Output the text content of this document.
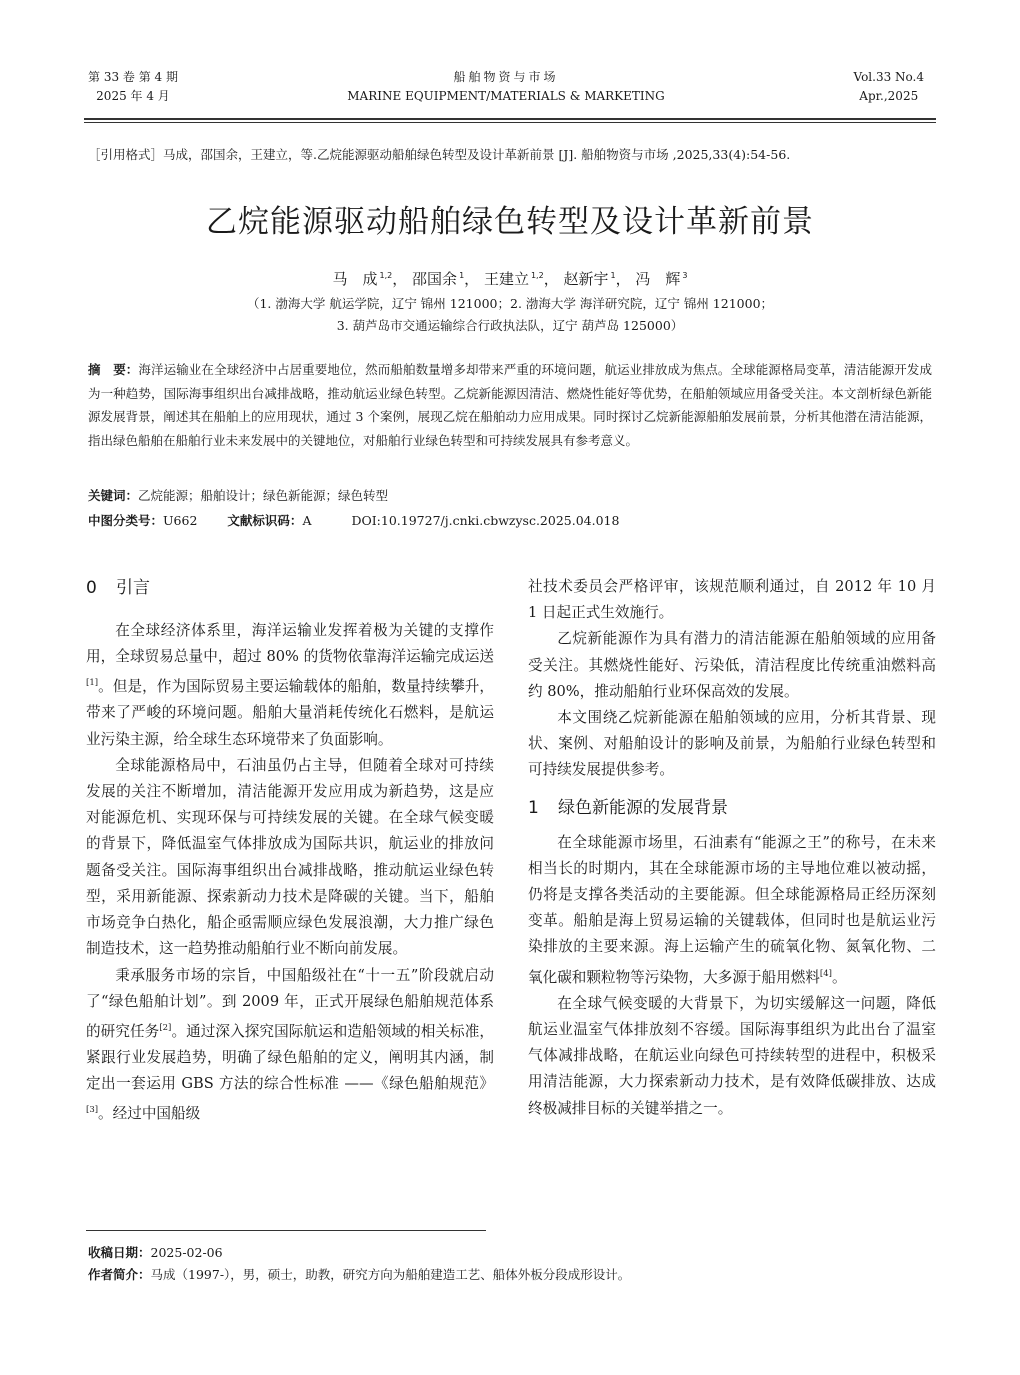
第 33 卷 第 4 期
2025 年 4 月
船舶物资与市场
MARINE EQUIPMENT/MATERIALS & MARKETING
Vol.33 No.4
Apr.,2025
［引用格式］马成，邵国余，王建立，等.乙烷能源驱动船舶绿色转型及设计革新前景 [J]. 船舶物资与市场 ,2025,33(4):54-56.
乙烷能源驱动船舶绿色转型及设计革新前景
马　成 $^{1,2}$， 邵国余 $^1$， 王建立 $^{1,2}$， 赵新宇 $^1$， 冯　辉 $^3$
（1. 渤海大学 航运学院，辽宁 锦州 121000；2. 渤海大学 海洋研究院，辽宁 锦州 121000；
3. 葫芦岛市交通运输综合行政执法队，辽宁 葫芦岛 125000）
摘　要：海洋运输业在全球经济中占居重要地位，然而船舶数量增多却带来严重的环境问题，航运业排放成为焦点。全球能源格局变革，清洁能源开发成为一种趋势，国际海事组织出台减排战略，推动航运业绿色转型。乙烷新能源因清洁、燃烧性能好等优势，在船舶领域应用备受关注。本文剖析绿色新能源发展背景，阐述其在船舶上的应用现状，通过 3 个案例，展现乙烷在船舶动力应用成果。同时探讨乙烷新能源船舶发展前景，分析其他潜在清洁能源，指出绿色船舶在船舶行业未来发展中的关键地位，对船舶行业绿色转型和可持续发展具有参考意义。
关键词：乙烷能源；船舶设计；绿色新能源；绿色转型
中图分类号：U662 文献标识码：A	DOI:10.19727/j.cnki.cbwzysc.2025.04.018
0 引言

在全球经济体系里，海洋运输业发挥着极为关键的支撑作用，全球贸易总量中，超过 80% 的货物依靠海洋运输完成运送[1]。但是，作为国际贸易主要运输载体的船舶，数量持续攀升，带来了严峻的环境问题。船舶大量消耗传统化石燃料，是航运业污染主源，给全球生态环境带来了负面影响。

全球能源格局中，石油虽仍占主导，但随着全球对可持续发展的关注不断增加，清洁能源开发应用成为新趋势，这是应对能源危机、实现环保与可持续发展的关键。在全球气候变暖的背景下，降低温室气体排放成为国际共识，航运业的排放问题备受关注。国际海事组织出台减排战略，推动航运业绿色转型，采用新能源、探索新动力技术是降碳的关键。当下，船舶市场竞争白热化，船企亟需顺应绿色发展浪潮，大力推广绿色制造技术，这一趋势推动船舶行业不断向前发展。

秉承服务市场的宗旨，中国船级社在“十一五”阶段就启动了“绿色船舶计划”。到 2009 年，正式开展绿色船舶规范体系的研究任务[2]。通过深入探究国际航运和造船领域的相关标准，紧跟行业发展趋势，明确了绿色船舶的定义，阐明其内涵，制定出一套运用 GBS 方法的综合性标准 ——《绿色船舶规范》[3]。经过中国船级

社技术委员会严格评审，该规范顺利通过，自 2012 年 10 月 1 日起正式生效施行。

乙烷新能源作为具有潜力的清洁能源在船舶领域的应用备受关注。其燃烧性能好、污染低，清洁程度比传统重油燃料高约 80%，推动船舶行业环保高效的发展。

本文围绕乙烷新能源在船舶领域的应用，分析其背景、现状、案例、对船舶设计的影响及前景，为船舶行业绿色转型和可持续发展提供参考。

1 绿色新能源的发展背景

在全球能源市场里，石油素有“能源之王”的称号，在未来相当长的时期内，其在全球能源市场的主导地位难以被动摇，仍将是支撑各类活动的主要能源。但全球能源格局正经历深刻变革。船舶是海上贸易运输的关键载体，但同时也是航运业污染排放的主要来源。海上运输产生的硫氧化物、氮氧化物、二氧化碳和颗粒物等污染物，大多源于船用燃料[4]。

在全球气候变暖的大背景下，为切实缓解这一问题，降低航运业温室气体排放刻不容缓。国际海事组织为此出台了温室气体减排战略，在航运业向绿色可持续转型的进程中，积极采用清洁能源，大力探索新动力技术，是有效降低碳排放、达成终极减排目标的关键举措之一。

收稿日期：2025-02-06
作者简介：马成（1997-），男，硕士，助教，研究方向为船舶建造工艺、船体外板分段成形设计。
